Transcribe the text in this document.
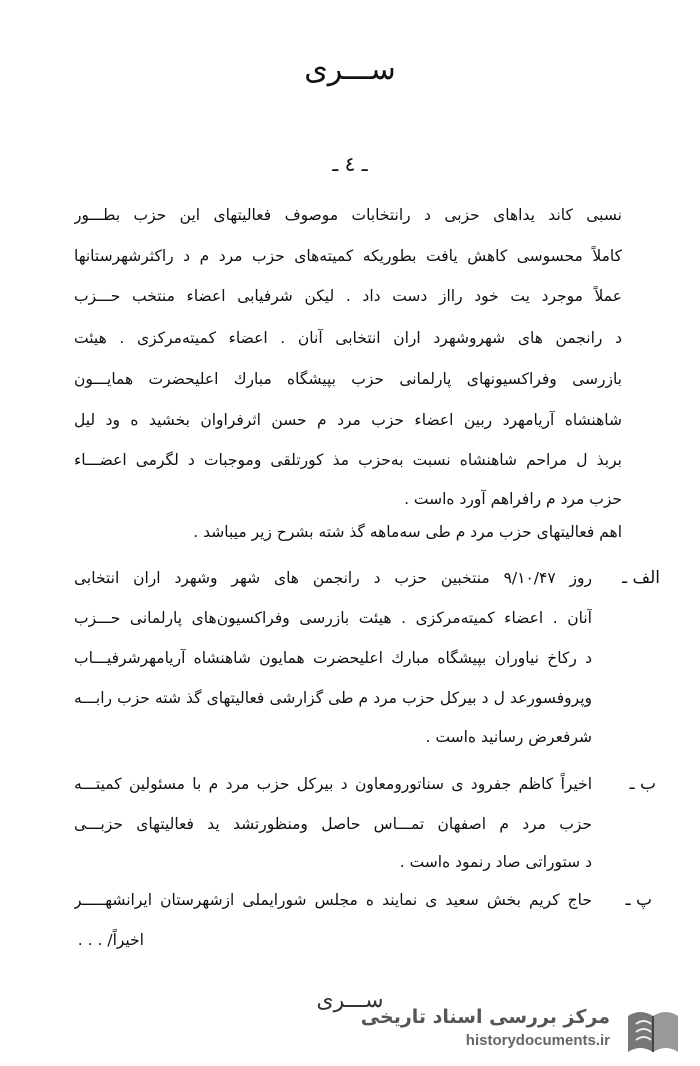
ســـرى
ـ ٤ ـ
نسبی کاند یداهای حزبی د رانتخابات موصوف فعالیتهای این حزب بطـــور
کاملاً محسوسی کاهش یافت بطوریکه کمیته‌های حزب مرد م د راکثرشهرستانها
عملاً موجرد یت خود رااز دست داد . لیکن شرفیابی اعضاء منتخب حـــزب
د رانجمن های شهروشهرد اران انتخابی آنان . اعضاء کمیته‌مرکزی . هیئت
بازرسی وفراکسیونهای پارلمانی حزب بپیشگاه مبارك اعلیحضرت همایـــون
شاهنشاه آریامهرد ربین اعضاء حزب مرد م حسن اثرفراوان بخشید ه ود لیل
بربذ ل مراحم شاهنشاه نسبت به‌حزب مذ کورتلقی وموجبات د لگرمی اعضـــاء
حزب مرد م رافراهم آورد ه‌است .
اهم فعالیتهای حزب مرد م طی سه‌ماهه گذ شته بشرح زیر میباشد .
الف ـ
روز ۹/۱۰/۴۷ منتخبین حزب د رانجمن های شهر وشهرد اران انتخابی
آنان . اعضاء کمیته‌مرکزی . هیئت بازرسی وفراکسیون‌های پارلمانی حـــزب
د رکاخ نیاوران بپیشگاه مبارك اعلیحضرت همایون شاهنشاه آریامهرشرفیـــاب
وپروفسورعد ل د بیرکل حزب مرد م طی گزارشی فعالیتهای گذ شته حزب رابـــه
شرفعرض رسانید ه‌است .
ب ـ
اخیراً کاظم جفرود ی سناتورومعاون د بیرکل حزب مرد م با مسئولین کمیتـــه
حزب مرد م اصفهان تمـــاس حاصل ومنظورتشد ید فعالیتهای حزبـــی
د ستوراتی صاد رنمود ه‌است .
پ ـ
حاج کریم بخش سعید ی نمایند ه مجلس شورایملی ازشهرستان ایرانشهـــــر
اخیراً/ . . .
ســـرى
مرکز بررسی اسناد تاریخی
historydocuments.ir
